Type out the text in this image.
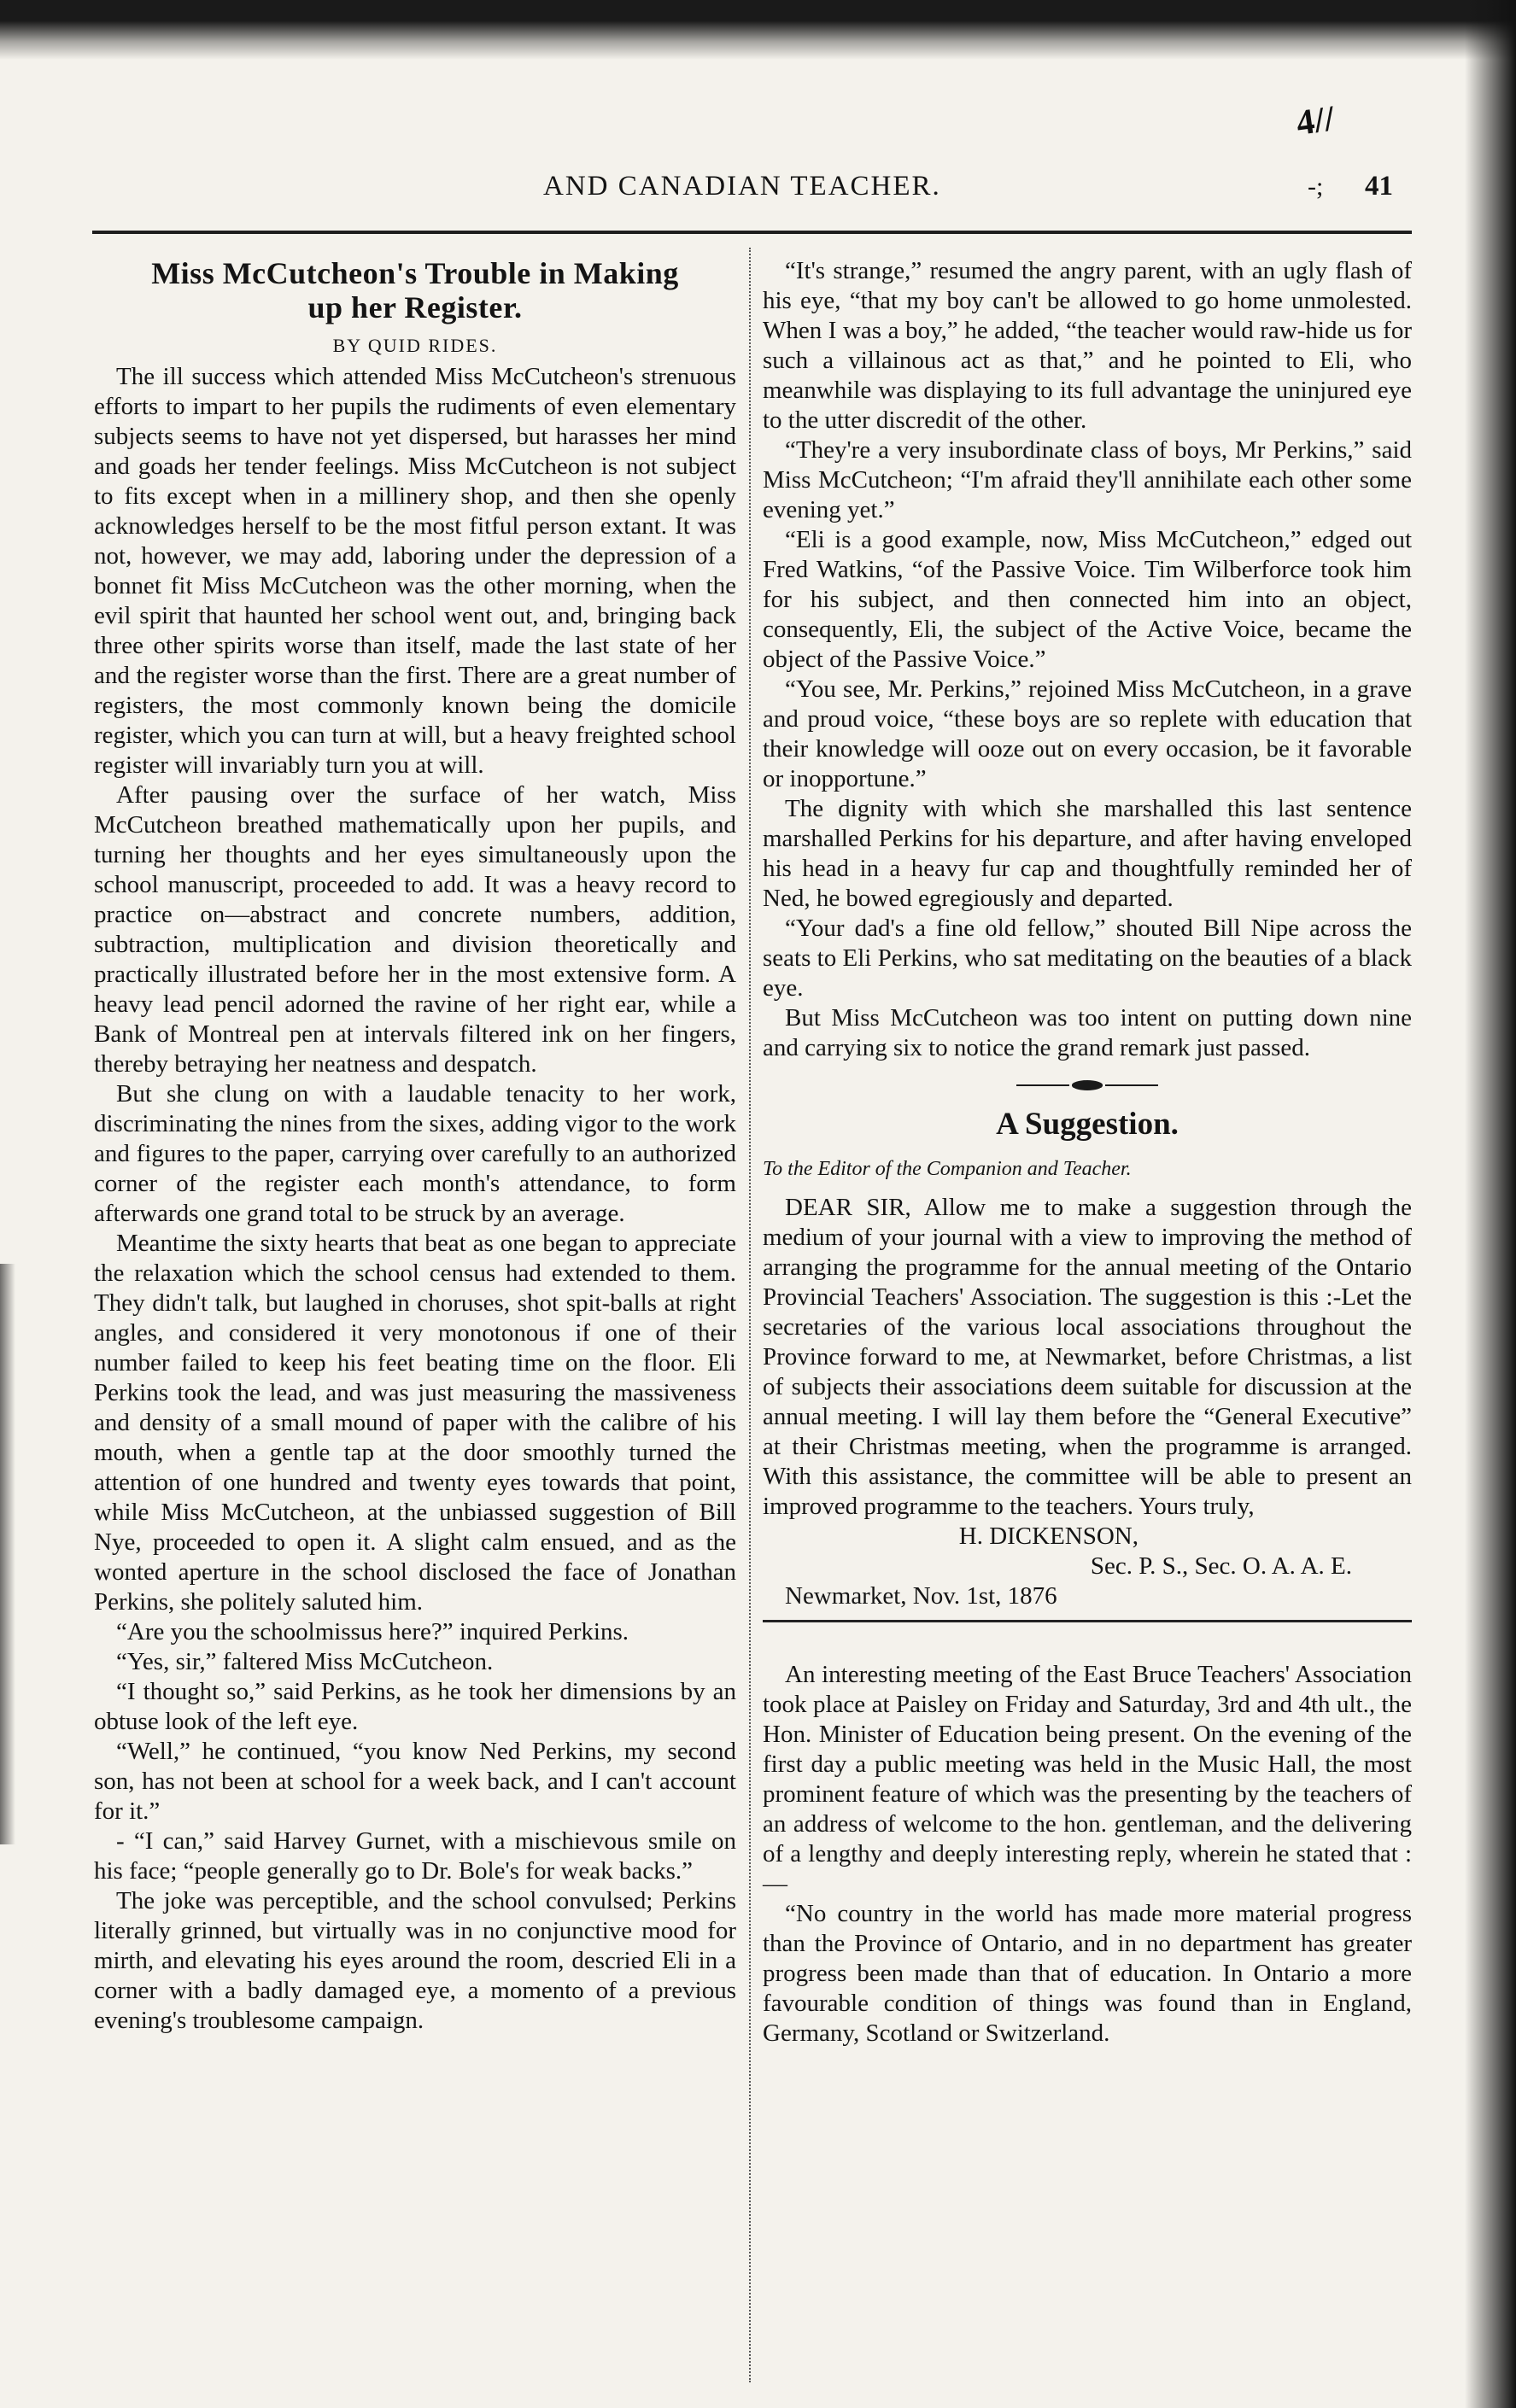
4//
AND CANADIAN TEACHER.	-; 41
Miss McCutcheon's Trouble in Making
up her Register.
BY QUID RIDES.

The ill success which attended Miss McCutcheon's strenuous efforts to impart to her pupils the rudiments of even elementary subjects seems to have not yet dispersed, but harasses her mind and goads her tender feelings. Miss McCutcheon is not subject to fits except when in a millinery shop, and then she openly acknowledges herself to be the most fitful person extant. It was not, however, we may add, laboring under the depression of a bonnet fit Miss McCutcheon was the other morning, when the evil spirit that haunted her school went out, and, bringing back three other spirits worse than itself, made the last state of her and the register worse than the first. There are a great number of registers, the most commonly known being the domicile register, which you can turn at will, but a heavy freighted school register will invariably turn you at will.

After pausing over the surface of her watch, Miss McCutcheon breathed mathematically upon her pupils, and turning her thoughts and her eyes simultaneously upon the school manuscript, proceeded to add. It was a heavy record to practice on—abstract and concrete numbers, addition, subtraction, multiplication and division theoretically and practically illustrated before her in the most extensive form. A heavy lead pencil adorned the ravine of her right ear, while a Bank of Montreal pen at intervals filtered ink on her fingers, thereby betraying her neatness and despatch.

But she clung on with a laudable tenacity to her work, discriminating the nines from the sixes, adding vigor to the work and figures to the paper, carrying over carefully to an authorized corner of the register each month's attendance, to form afterwards one grand total to be struck by an average.

Meantime the sixty hearts that beat as one began to appreciate the relaxation which the school census had extended to them. They didn't talk, but laughed in choruses, shot spit-balls at right angles, and considered it very monotonous if one of their number failed to keep his feet beating time on the floor. Eli Perkins took the lead, and was just measuring the massiveness and density of a small mound of paper with the calibre of his mouth, when a gentle tap at the door smoothly turned the attention of one hundred and twenty eyes towards that point, while Miss McCutcheon, at the unbiassed suggestion of Bill Nye, proceeded to open it. A slight calm ensued, and as the wonted aperture in the school disclosed the face of Jonathan Perkins, she politely saluted him.

“Are you the schoolmissus here?” inquired Perkins.

“Yes, sir,” faltered Miss McCutcheon.

“I thought so,” said Perkins, as he took her dimensions by an obtuse look of the left eye.

“Well,” he continued, “you know Ned Perkins, my second son, has not been at school for a week back, and I can't account for it.”

- “I can,” said Harvey Gurnet, with a mischievous smile on his face; “people generally go to Dr. Bole's for weak backs.”

The joke was perceptible, and the school convulsed; Perkins literally grinned, but virtually was in no conjunctive mood for mirth, and elevating his eyes around the room, descried Eli in a corner with a badly damaged eye, a momento of a previous evening's troublesome campaign.

“It's strange,” resumed the angry parent, with an ugly flash of his eye, “that my boy can't be allowed to go home unmolested. When I was a boy,” he added, “the teacher would raw-hide us for such a villainous act as that,” and he pointed to Eli, who meanwhile was displaying to its full advantage the uninjured eye to the utter discredit of the other.

“They're a very insubordinate class of boys, Mr Perkins,” said Miss McCutcheon; “I'm afraid they'll annihilate each other some evening yet.”

“Eli is a good example, now, Miss McCutcheon,” edged out Fred Watkins, “of the Passive Voice. Tim Wilberforce took him for his subject, and then connected him into an object, consequently, Eli, the subject of the Active Voice, became the object of the Passive Voice.”

“You see, Mr. Perkins,” rejoined Miss McCutcheon, in a grave and proud voice, “these boys are so replete with education that their knowledge will ooze out on every occasion, be it favorable or inopportune.”

The dignity with which she marshalled this last sentence marshalled Perkins for his departure, and after having enveloped his head in a heavy fur cap and thoughtfully reminded her of Ned, he bowed egregiously and departed.

“Your dad's a fine old fellow,” shouted Bill Nipe across the seats to Eli Perkins, who sat meditating on the beauties of a black eye.

But Miss McCutcheon was too intent on putting down nine and carrying six to notice the grand remark just passed.

A Suggestion.
To the Editor of the Companion and Teacher.

DEAR SIR, Allow me to make a suggestion through the medium of your journal with a view to improving the method of arranging the programme for the annual meeting of the Ontario Provincial Teachers' Association. The suggestion is this :-Let the secretaries of the various local associations throughout the Province forward to me, at Newmarket, before Christmas, a list of subjects their associations deem suitable for discussion at the annual meeting. I will lay them before the “General Executive” at their Christmas meeting, when the programme is arranged. With this assistance, the committee will be able to present an improved programme to the teachers. Yours truly,

H. DICKENSON,
Sec. P. S., Sec. O. A. A. E.
Newmarket, Nov. 1st, 1876

An interesting meeting of the East Bruce Teachers' Association took place at Paisley on Friday and Saturday, 3rd and 4th ult., the Hon. Minister of Education being present. On the evening of the first day a public meeting was held in the Music Hall, the most prominent feature of which was the presenting by the teachers of an address of welcome to the hon. gentleman, and the delivering of a lengthy and deeply interesting reply, wherein he stated that :—

“No country in the world has made more material progress than the Province of Ontario, and in no department has greater progress been made than that of education. In Ontario a more favourable condition of things was found than in England, Germany, Scotland or Switzerland.
